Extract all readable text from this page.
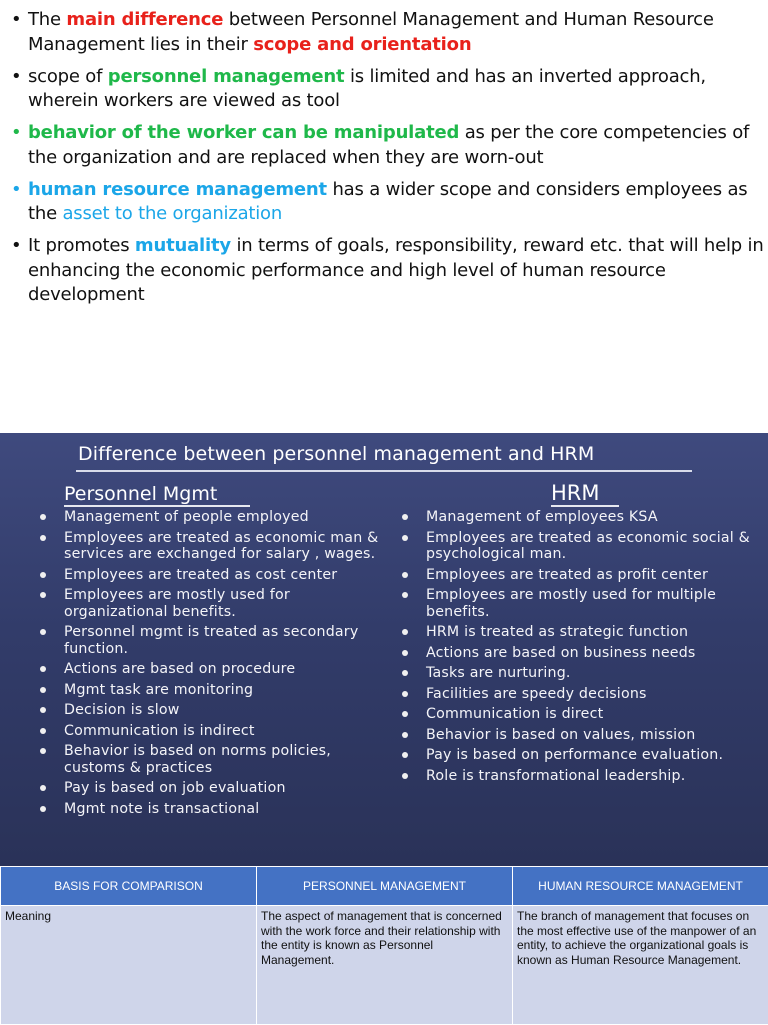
• The main difference between Personnel Management and Human Resource Management lies in their scope and orientation
• scope of personnel management is limited and has an inverted approach, wherein workers are viewed as tool
• behavior of the worker can be manipulated as per the core competencies of the organization and are replaced when they are worn-out
• human resource management has a wider scope and considers employees as the asset to the organization
• It promotes mutuality in terms of goals, responsibility, reward etc. that will help in enhancing the economic performance and high level of human resource development
Difference between personnel management and HRM
Personnel Mgmt	HRM
Management of people employed
Employees are treated as economic man & services are exchanged for salary , wages.
Employees are treated as cost center
Employees are mostly used for organizational benefits.
Personnel mgmt is treated as secondary function.
Actions are based on procedure
Mgmt task are monitoring
Decision is slow
Communication is indirect
Behavior is based on norms policies, customs & practices
Pay is based on job evaluation
Mgmt note is transactional
Management of employees KSA
Employees are treated as economic social & psychological man.
Employees are treated as profit center
Employees are mostly used for multiple benefits.
HRM is treated as strategic function
Actions are based on business needs
Tasks are nurturing.
Facilities are speedy decisions
Communication is direct
Behavior is based on values, mission
Pay is based on performance evaluation.
Role is transformational leadership.
BASIS FOR COMPARISON	PERSONNEL MANAGEMENT	HUMAN RESOURCE MANAGEMENT
Meaning	The aspect of management that is concerned with the work force and their relationship with the entity is known as Personnel Management.	The branch of management that focuses on the most effective use of the manpower of an entity, to achieve the organizational goals is known as Human Resource Management.
